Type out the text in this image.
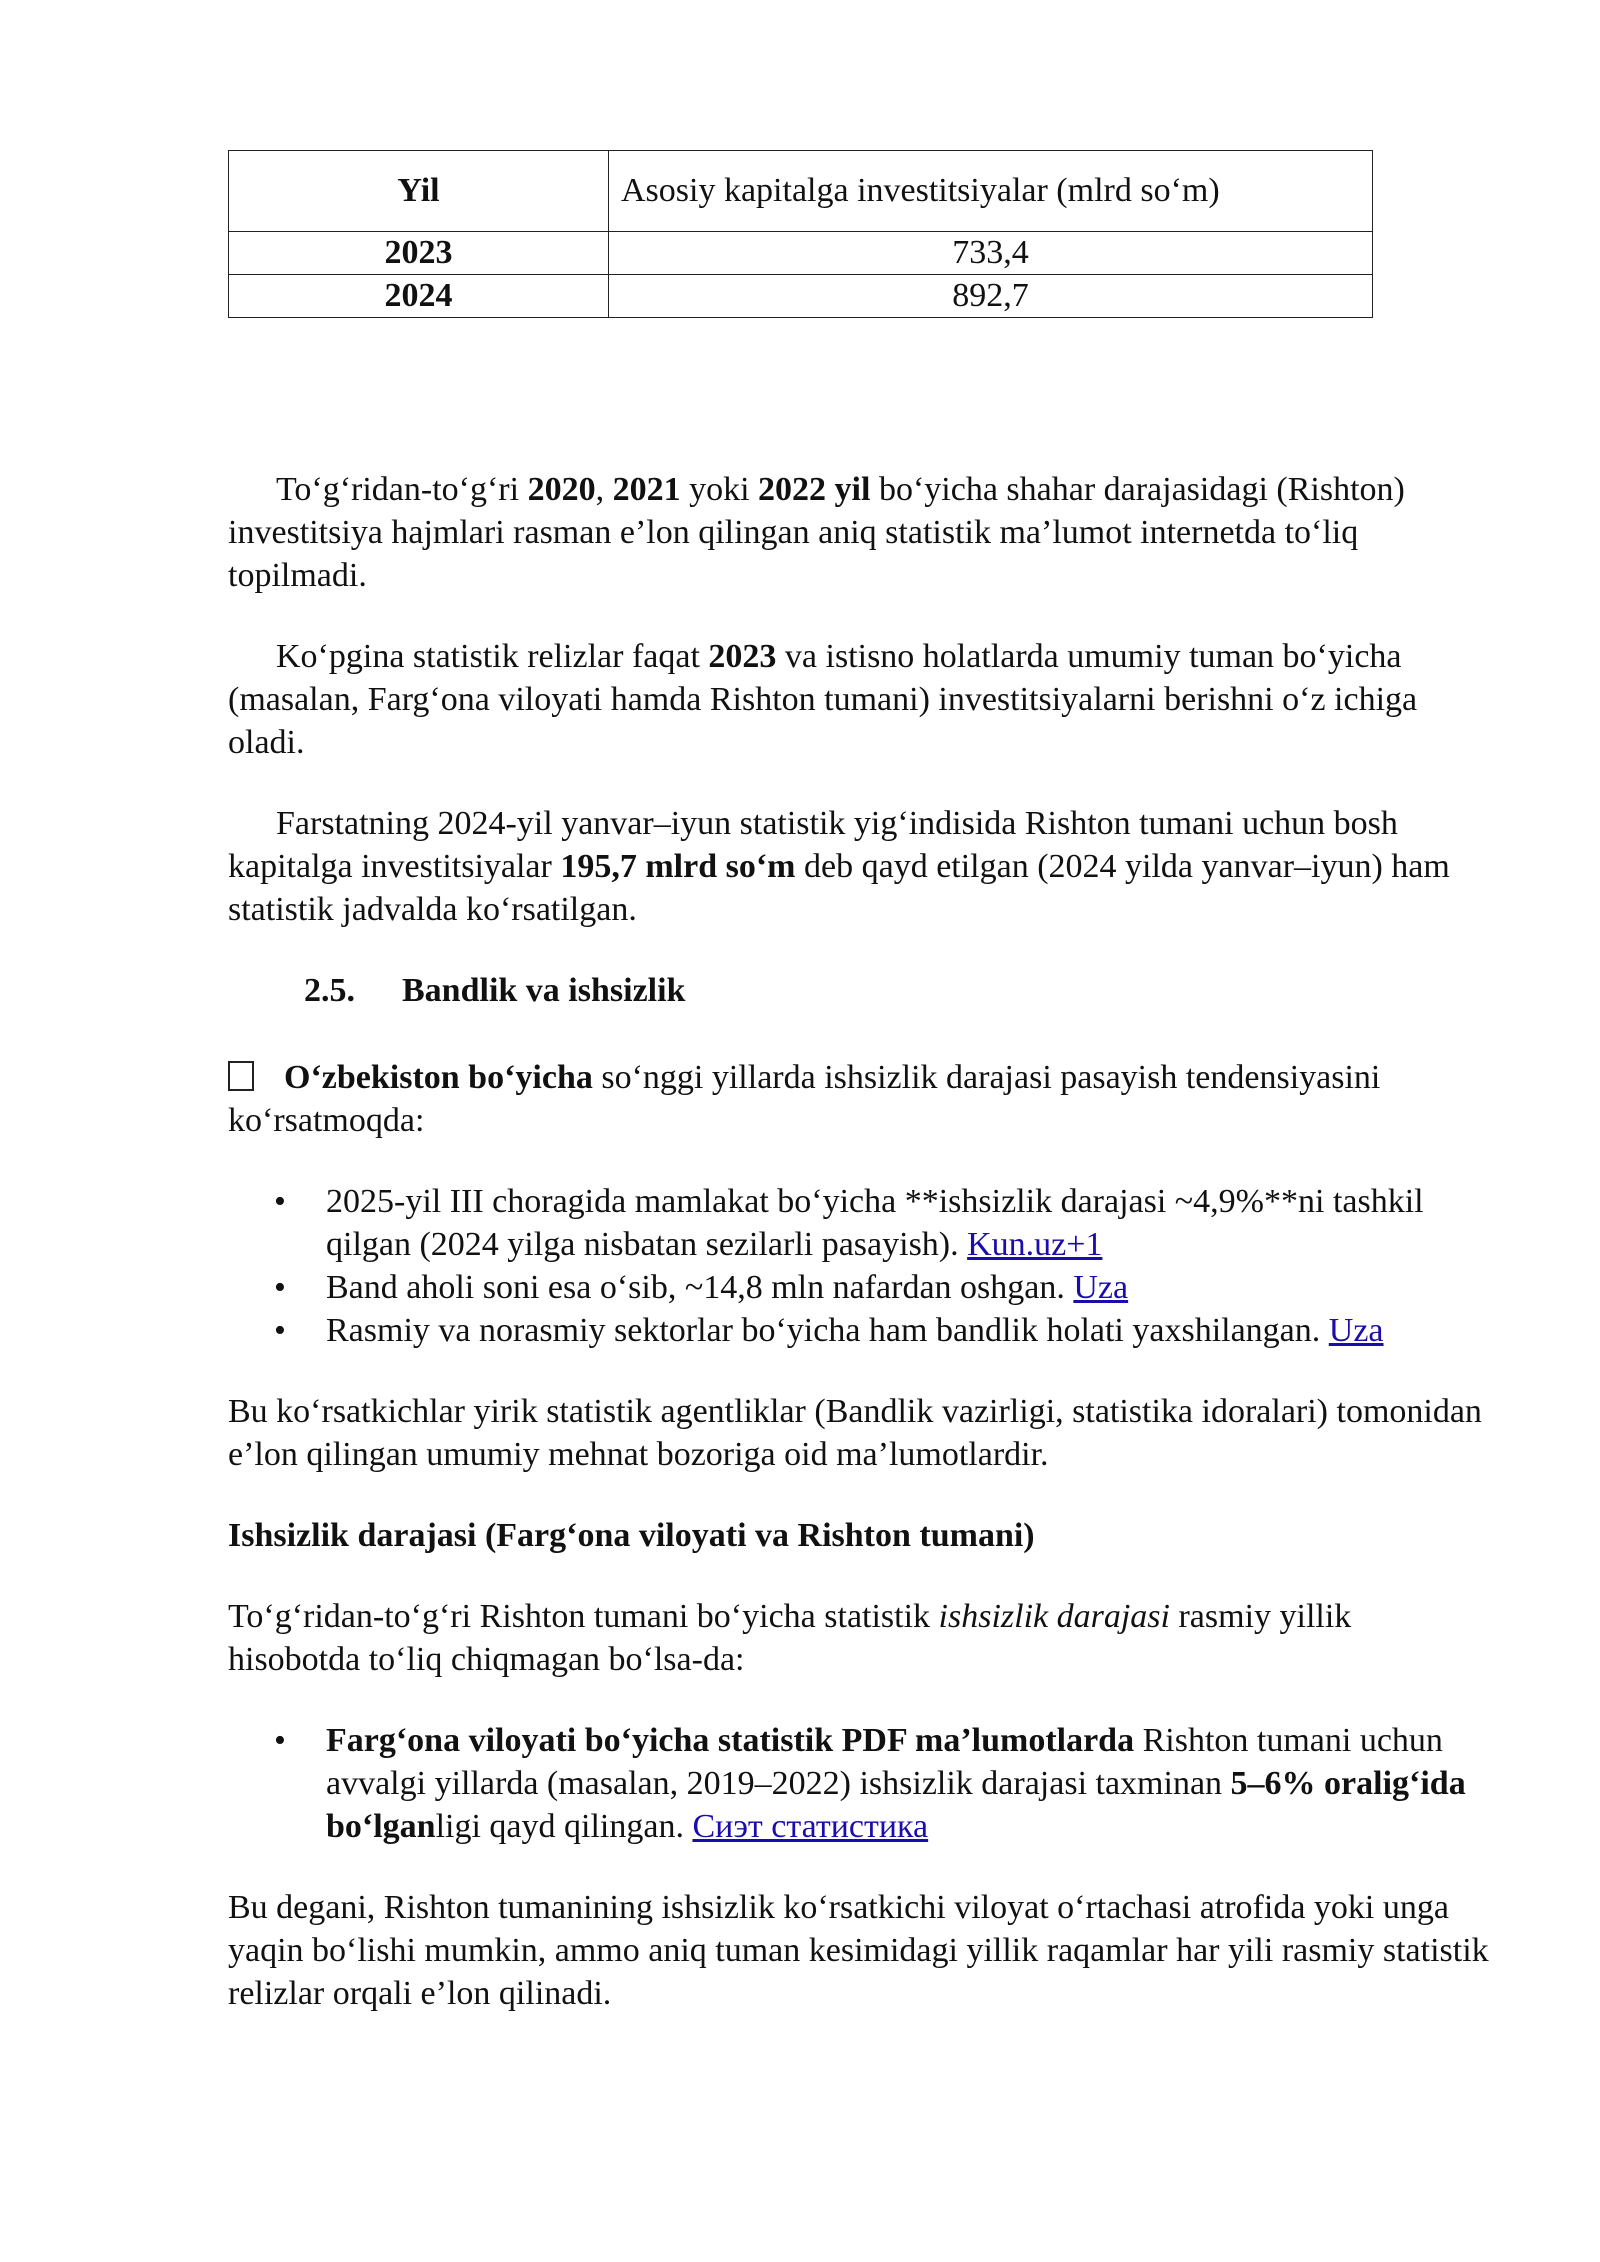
Yil	Asosiy kapitalga investitsiyalar (mlrd so‘m)
2023	733,4
2024	892,7

To‘g‘ridan-to‘g‘ri 2020, 2021 yoki 2022 yil bo‘yicha shahar darajasidagi (Rishton) investitsiya hajmlari rasman e’lon qilingan aniq statistik ma’lumot internetda to‘liq topilmadi.

Ko‘pgina statistik relizlar faqat 2023 va istisno holatlarda umumiy tuman bo‘yicha (masalan, Farg‘ona viloyati hamda Rishton tumani) investitsiyalarni berishni o‘z ichiga oladi.

Farstatning 2024-yil yanvar–iyun statistik yig‘indisida Rishton tumani uchun bosh kapitalga investitsiyalar 195,7 mlrd so‘m deb qayd etilgan (2024 yilda yanvar–iyun) ham statistik jadvalda ko‘rsatilgan.

2.5. Bandlik va ishsizlik

O‘zbekiston bo‘yicha so‘nggi yillarda ishsizlik darajasi pasayish tendensiyasini ko‘rsatmoqda:

• 2025-yil III choragida mamlakat bo‘yicha **ishsizlik darajasi ~4,9%**ni tashkil qilgan (2024 yilga nisbatan sezilarli pasayish). Kun.uz+1
• Band aholi soni esa o‘sib, ~14,8 mln nafardan oshgan. Uza
• Rasmiy va norasmiy sektorlar bo‘yicha ham bandlik holati yaxshilangan. Uza

Bu ko‘rsatkichlar yirik statistik agentliklar (Bandlik vazirligi, statistika idoralari) tomonidan e’lon qilingan umumiy mehnat bozoriga oid ma’lumotlardir.

Ishsizlik darajasi (Farg‘ona viloyati va Rishton tumani)

To‘g‘ridan-to‘g‘ri Rishton tumani bo‘yicha statistik ishsizlik darajasi rasmiy yillik hisobotda to‘liq chiqmagan bo‘lsa-da:

• Farg‘ona viloyati bo‘yicha statistik PDF ma’lumotlarda Rishton tumani uchun avvalgi yillarda (masalan, 2019–2022) ishsizlik darajasi taxminan 5–6% oralig‘ida bo‘lganligi qayd qilingan. Сиэт статистика

Bu degani, Rishton tumanining ishsizlik ko‘rsatkichi viloyat o‘rtachasi atrofida yoki unga yaqin bo‘lishi mumkin, ammo aniq tuman kesimidagi yillik raqamlar har yili rasmiy statistik relizlar orqali e’lon qilinadi.
